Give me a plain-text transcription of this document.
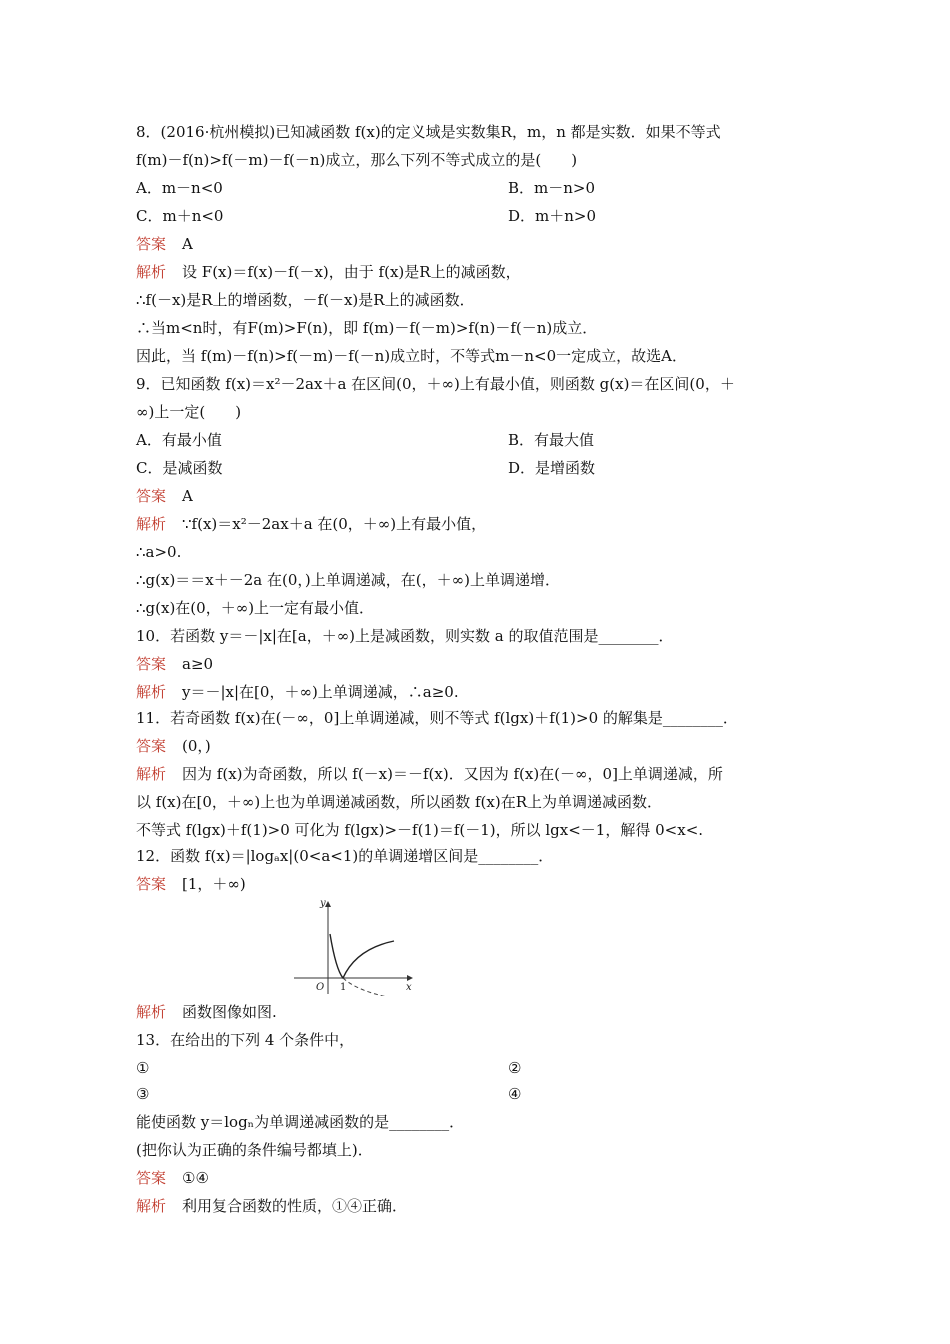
8．(2016·杭州模拟)已知减函数 f(x)的定义域是实数集R，m，n 都是实数．如果不等式
f(m)－f(n)>f(－m)－f(－n)成立，那么下列不等式成立的是(　　)
A．m－n<0	B．m－n>0
C．m＋n<0	D．m＋n>0
答案 A
解析 设 F(x)＝f(x)－f(－x)，由于 f(x)是R上的减函数，
∴f(－x)是R上的增函数，－f(－x)是R上的减函数．
∴当m<n时，有F(m)>F(n)，即 f(m)－f(－m)>f(n)－f(－n)成立．
因此，当 f(m)－f(n)>f(－m)－f(－n)成立时，不等式m－n<0一定成立，故选A．
9．已知函数 f(x)＝x²－2ax＋a 在区间(0，＋∞)上有最小值，则函数 g(x)＝在区间(0，＋
∞)上一定(　　)
A．有最小值	B．有最大值
C．是减函数	D．是增函数
答案 A
解析 ∵f(x)＝x²－2ax＋a 在(0，＋∞)上有最小值，
∴a>0.
∴g(x)＝＝x＋－2a 在(0，)上单调递减，在(，＋∞)上单调递增．
∴g(x)在(0，＋∞)上一定有最小值．
10．若函数 y＝－|x|在[a，＋∞)上是减函数，则实数 a 的取值范围是________．
答案 a≥0
解析 y＝－|x|在[0，＋∞)上单调递减，∴a≥0.
11．若奇函数 f(x)在(－∞，0]上单调递减，则不等式 f(lgx)＋f(1)>0 的解集是________．
答案 (0，)
解析 因为 f(x)为奇函数，所以 f(－x)＝－f(x)．又因为 f(x)在(－∞，0]上单调递减，所
以 f(x)在[0，＋∞)上也为单调递减函数，所以函数 f(x)在R上为单调递减函数．
不等式 f(lgx)＋f(1)>0 可化为 f(lgx)>－f(1)＝f(－1)，所以 lgx<－1，解得 0<x<.
12．函数 f(x)＝|logₐx|(0<a<1)的单调递增区间是________．
答案 [1，＋∞)
y
x
O 1
解析 函数图像如图.
13．在给出的下列 4 个条件中，
①	②
③	④
能使函数 y＝logₙ为单调递减函数的是________．
(把你认为正确的条件编号都填上)．
答案 ①④
解析 利用复合函数的性质，①④正确．
